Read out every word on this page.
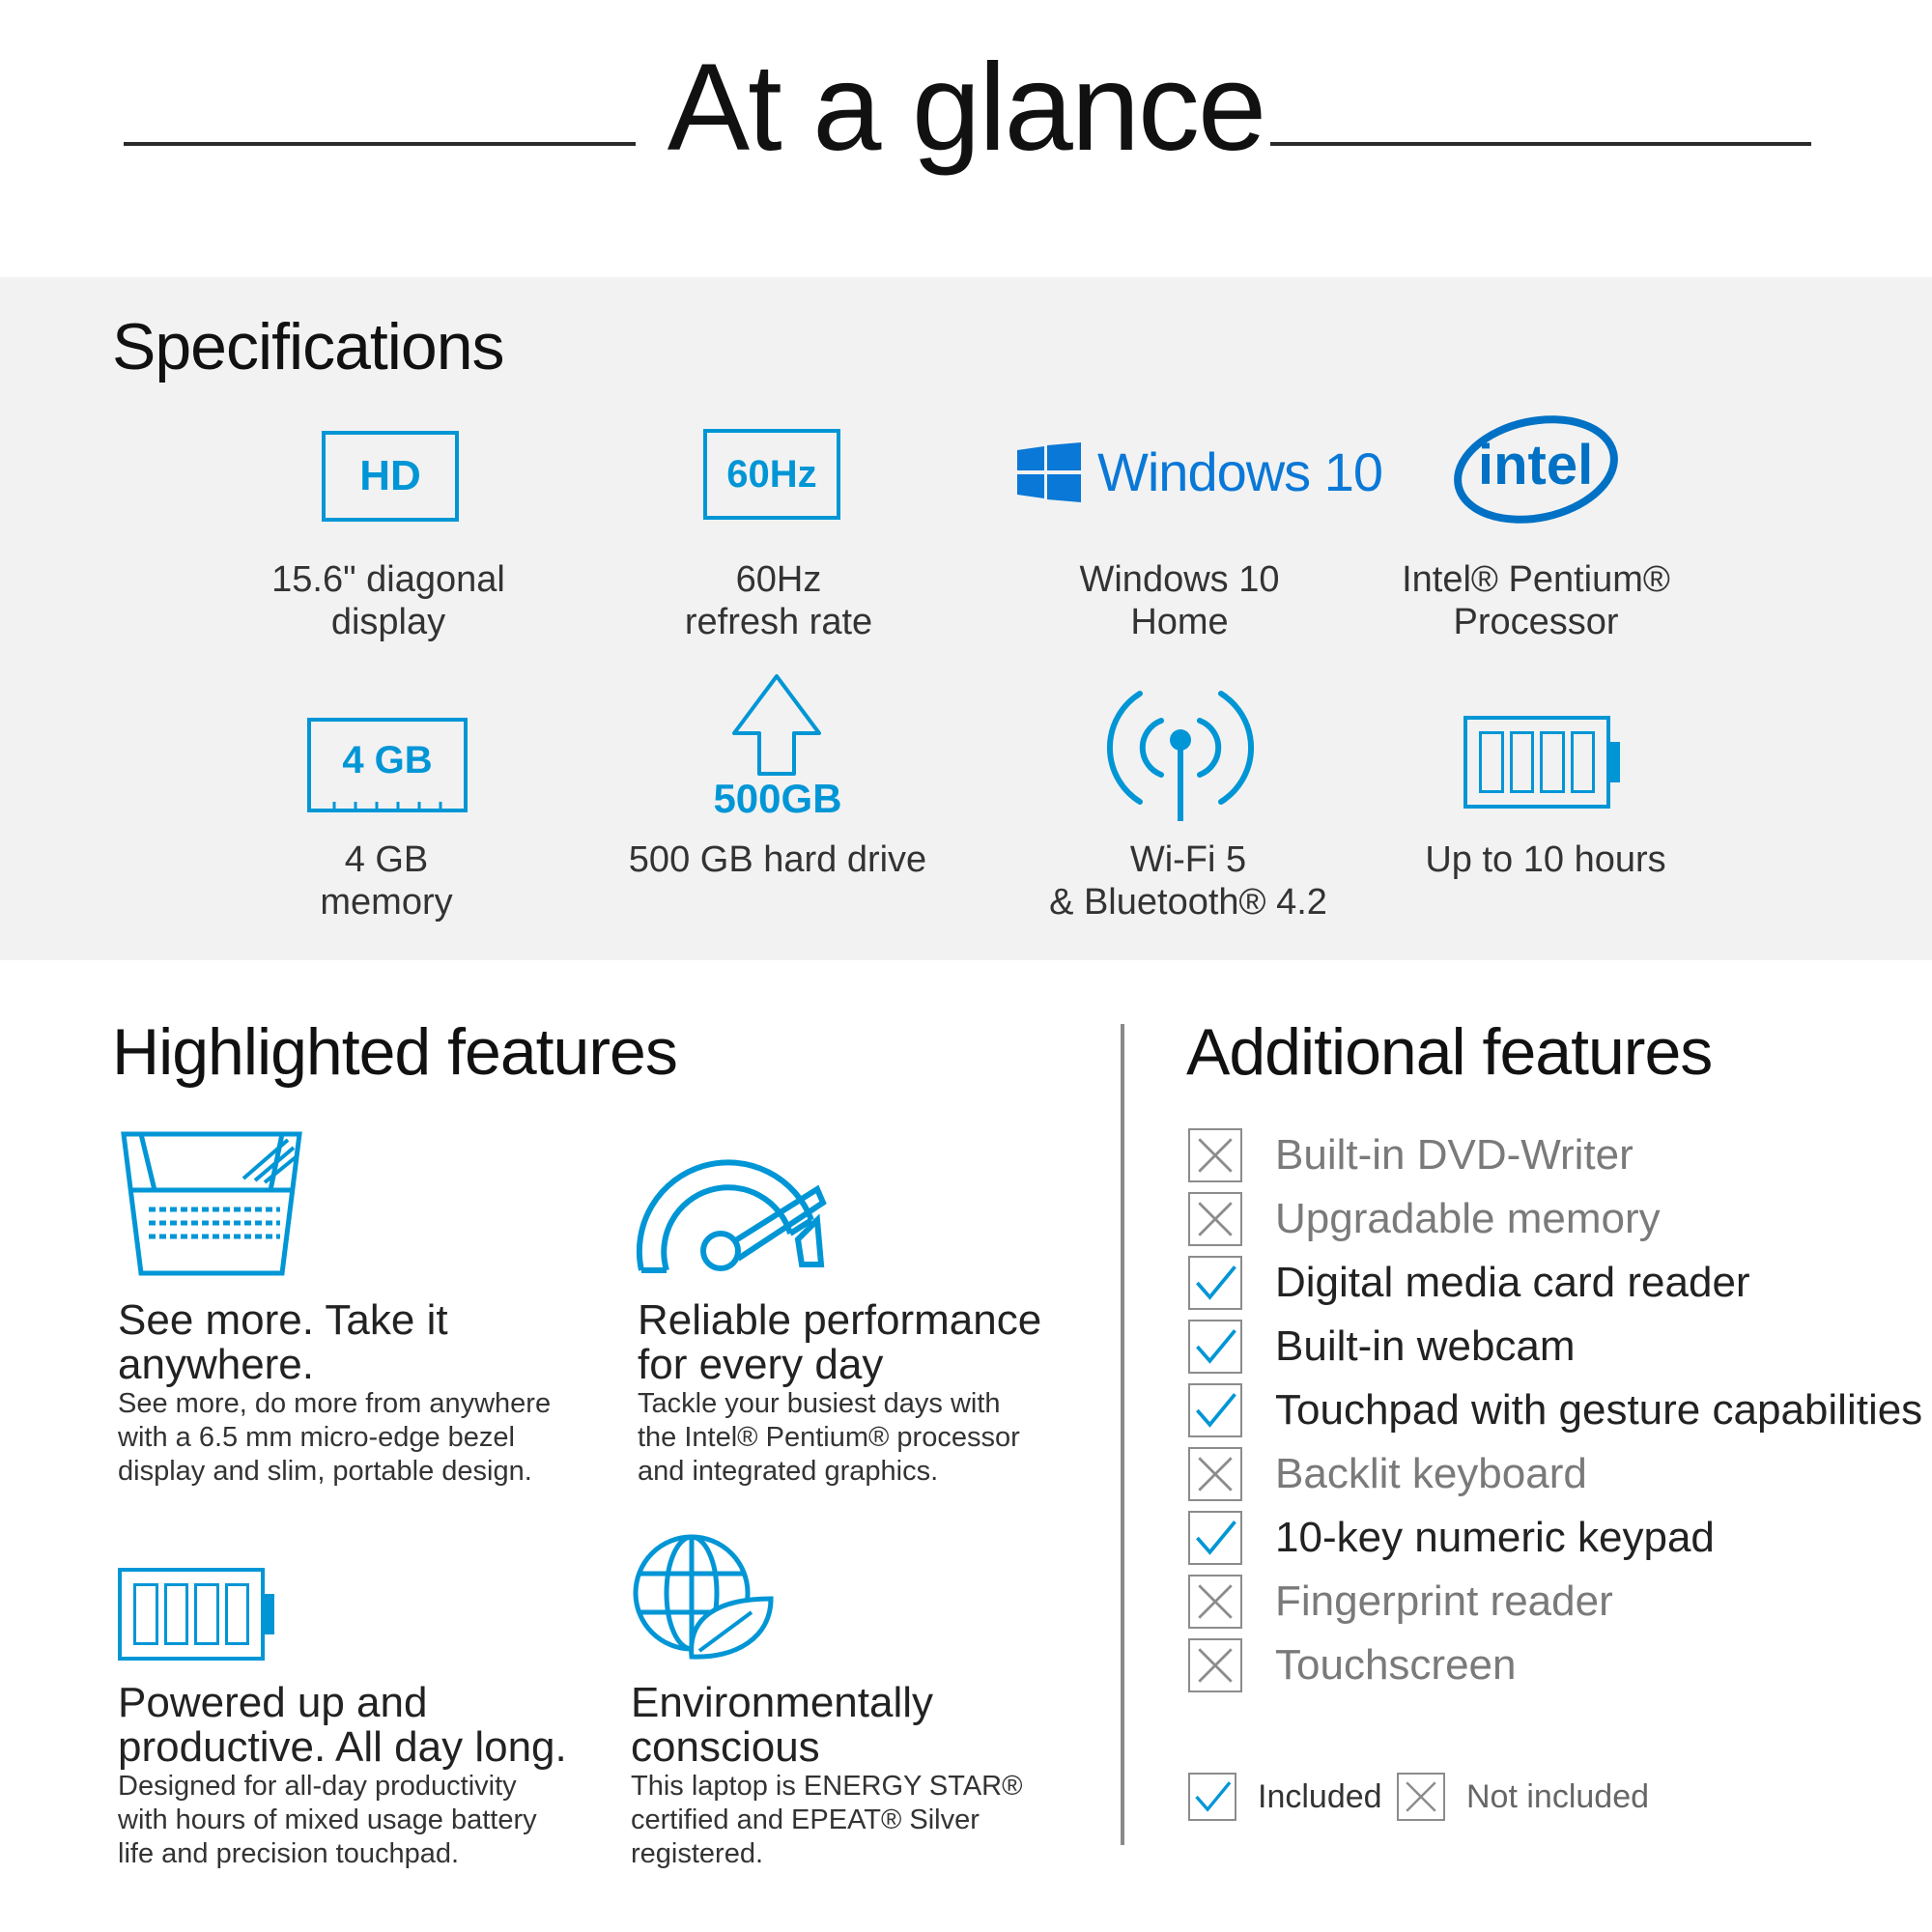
At a glance
Specifications
HD	60Hz	Windows 10 intel
15.6" diagonal
display
60Hz
refresh rate
Windows 10
Home
Intel® Pentium®
Processor
4 GB
500GB
4 GB
memory
500 GB hard drive	Wi-Fi 5
& Bluetooth® 4.2
Up to 10 hours
Highlighted features
See more. Take it
anywhere.
See more, do more from anywhere
with a 6.5 mm micro-edge bezel
display and slim, portable design.
Reliable performance
for every day
Tackle your busiest days with
the Intel® Pentium® processor
and integrated graphics.
Powered up and
productive. All day long.
Designed for all-day productivity
with hours of mixed usage battery
life and precision touchpad.
Environmentally
conscious
This laptop is ENERGY STAR®
certified and EPEAT® Silver
registered.
Additional features
Built-in DVD-Writer
Upgradable memory
Digital media card reader
Built-in webcam
Touchpad with gesture capabilities
Backlit keyboard
10-key numeric keypad
Fingerprint reader
Touchscreen
Included	Not included
